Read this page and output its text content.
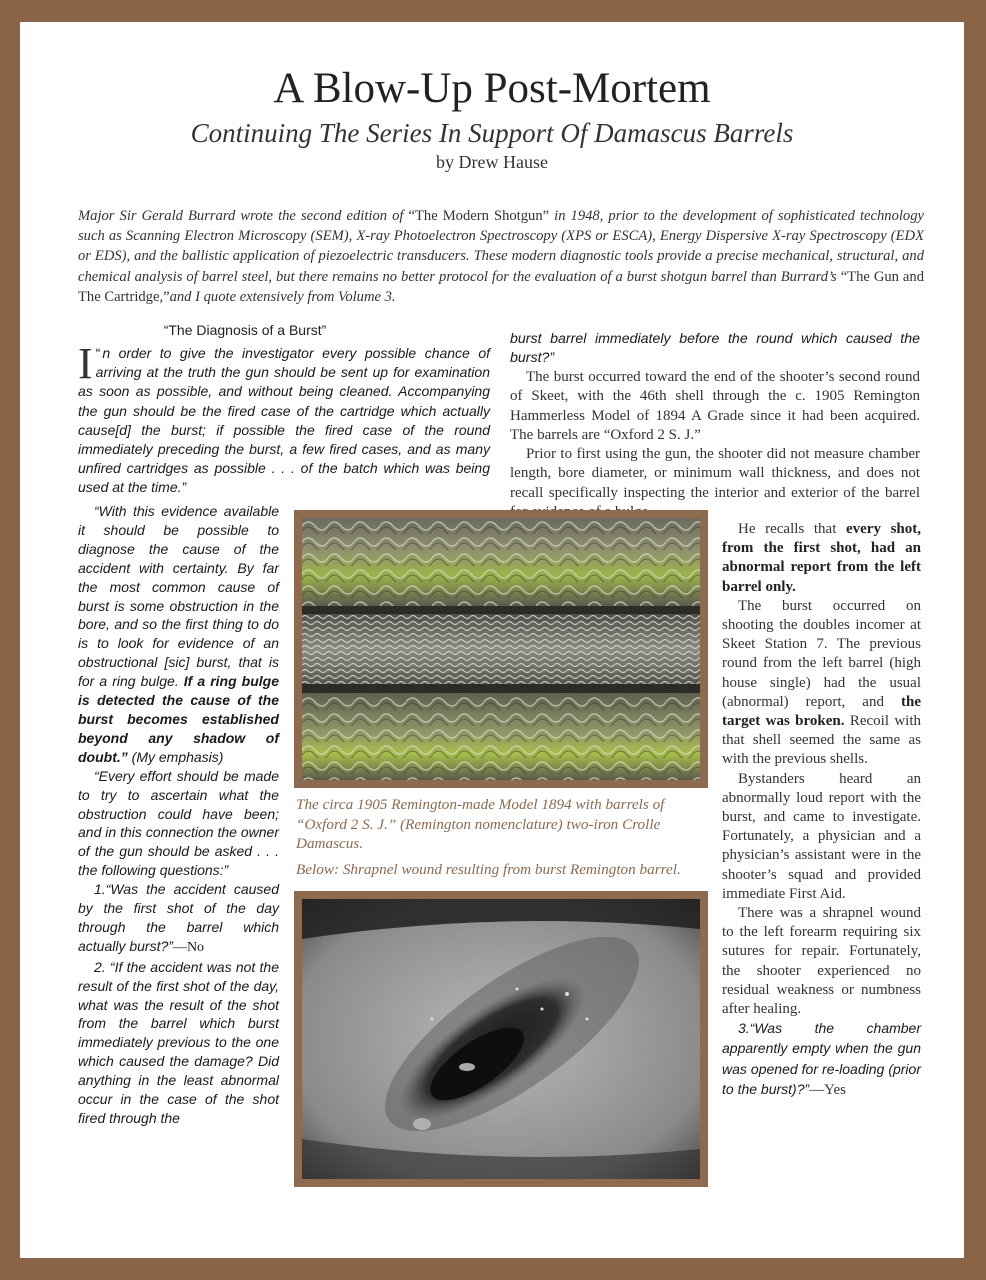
A Blow-Up Post-Mortem
Continuing The Series In Support Of Damascus Barrels
by Drew Hause
Major Sir Gerald Burrard wrote the second edition of “The Modern Shotgun” in 1948, prior to the development of sophisticated technology such as Scanning Electron Microscopy (SEM), X-ray Photoelectron Spectroscopy (XPS or ESCA), Energy Dispersive X-ray Spectroscopy (EDX or EDS), and the ballistic application of piezoelectric transducers. These modern diagnostic tools provide a precise mechanical, structural, and chemical analysis of barrel steel, but there remains no better protocol for the evaluation of a burst shotgun barrel than Burrard’s “The Gun and The Cartridge,”and I quote extensively from Volume 3.
“The Diagnosis of a Burst”

“
I n order to give the investigator every possible chance of arriving at the truth the gun should be sent up for examination as soon as possible, and without being cleaned. Accompanying the gun should be the fired case of the cartridge which actually cause[d] the burst; if possible the fired case of the round immediately preceding the burst, a few fired cases, and as many unfired cartridges as possible . . . of the batch which was being used at the time.”

“With this evidence available it should be possible to diagnose the cause of the accident with certainty. By far the most common cause of burst is some obstruction in the bore, and so the first thing to do is to look for evidence of an obstructional [sic] burst, that is for a ring bulge. If a ring bulge is detected the cause of the burst becomes established beyond any shadow of doubt.” (My emphasis)

“Every effort should be made to try to ascertain what the obstruction could have been; and in this connection the owner of the gun should be asked . . . the following questions:”

1.“Was the accident caused by the first shot of the day through the barrel which actually burst?”—No

2. “If the accident was not the result of the first shot of the day, what was the result of the shot from the barrel which burst immediately previous to the one which caused the damage? Did anything in the least abnormal occur in the case of the shot fired through the

burst barrel immediately before the round which caused the burst?”

The burst occurred toward the end of the shooter’s second round of Skeet, with the 46th shell through the c. 1905 Remington Hammerless Model of 1894 A Grade since it had been acquired. The barrels are “Oxford 2 S. J.”

Prior to first using the gun, the shooter did not measure chamber length, bore diameter, or minimum wall thickness, and does not recall specifically inspecting the interior and exterior of the barrel

He recalls that every shot, from the first shot, had an abnormal report from the left barrel only.

The burst occurred on shooting the doubles incomer at Skeet Station 7. The previous round from the left barrel (high house single) had the usual (abnormal) report, and the target was broken. Recoil with that shell seemed the same as with the previous shells.

Bystanders heard an abnormally loud report with the burst, and came to investigate. Fortunately, a physician and a physician’s assistant were in the shooter’s squad and provided immediate First Aid.

There was a shrapnel wound to the left forearm requiring six sutures for repair. Fortunately, the shooter experienced no residual weakness or numbness after healing.

3.“Was the chamber apparently empty when the gun was opened for re-loading (prior to the burst)?”—Yes

The circa 1905 Remington-made Model 1894 with barrels of “Oxford 2 S. J.” (Remington nomenclature) two-iron Crolle Damascus.
Below: Shrapnel wound resulting from burst Remington barrel.
